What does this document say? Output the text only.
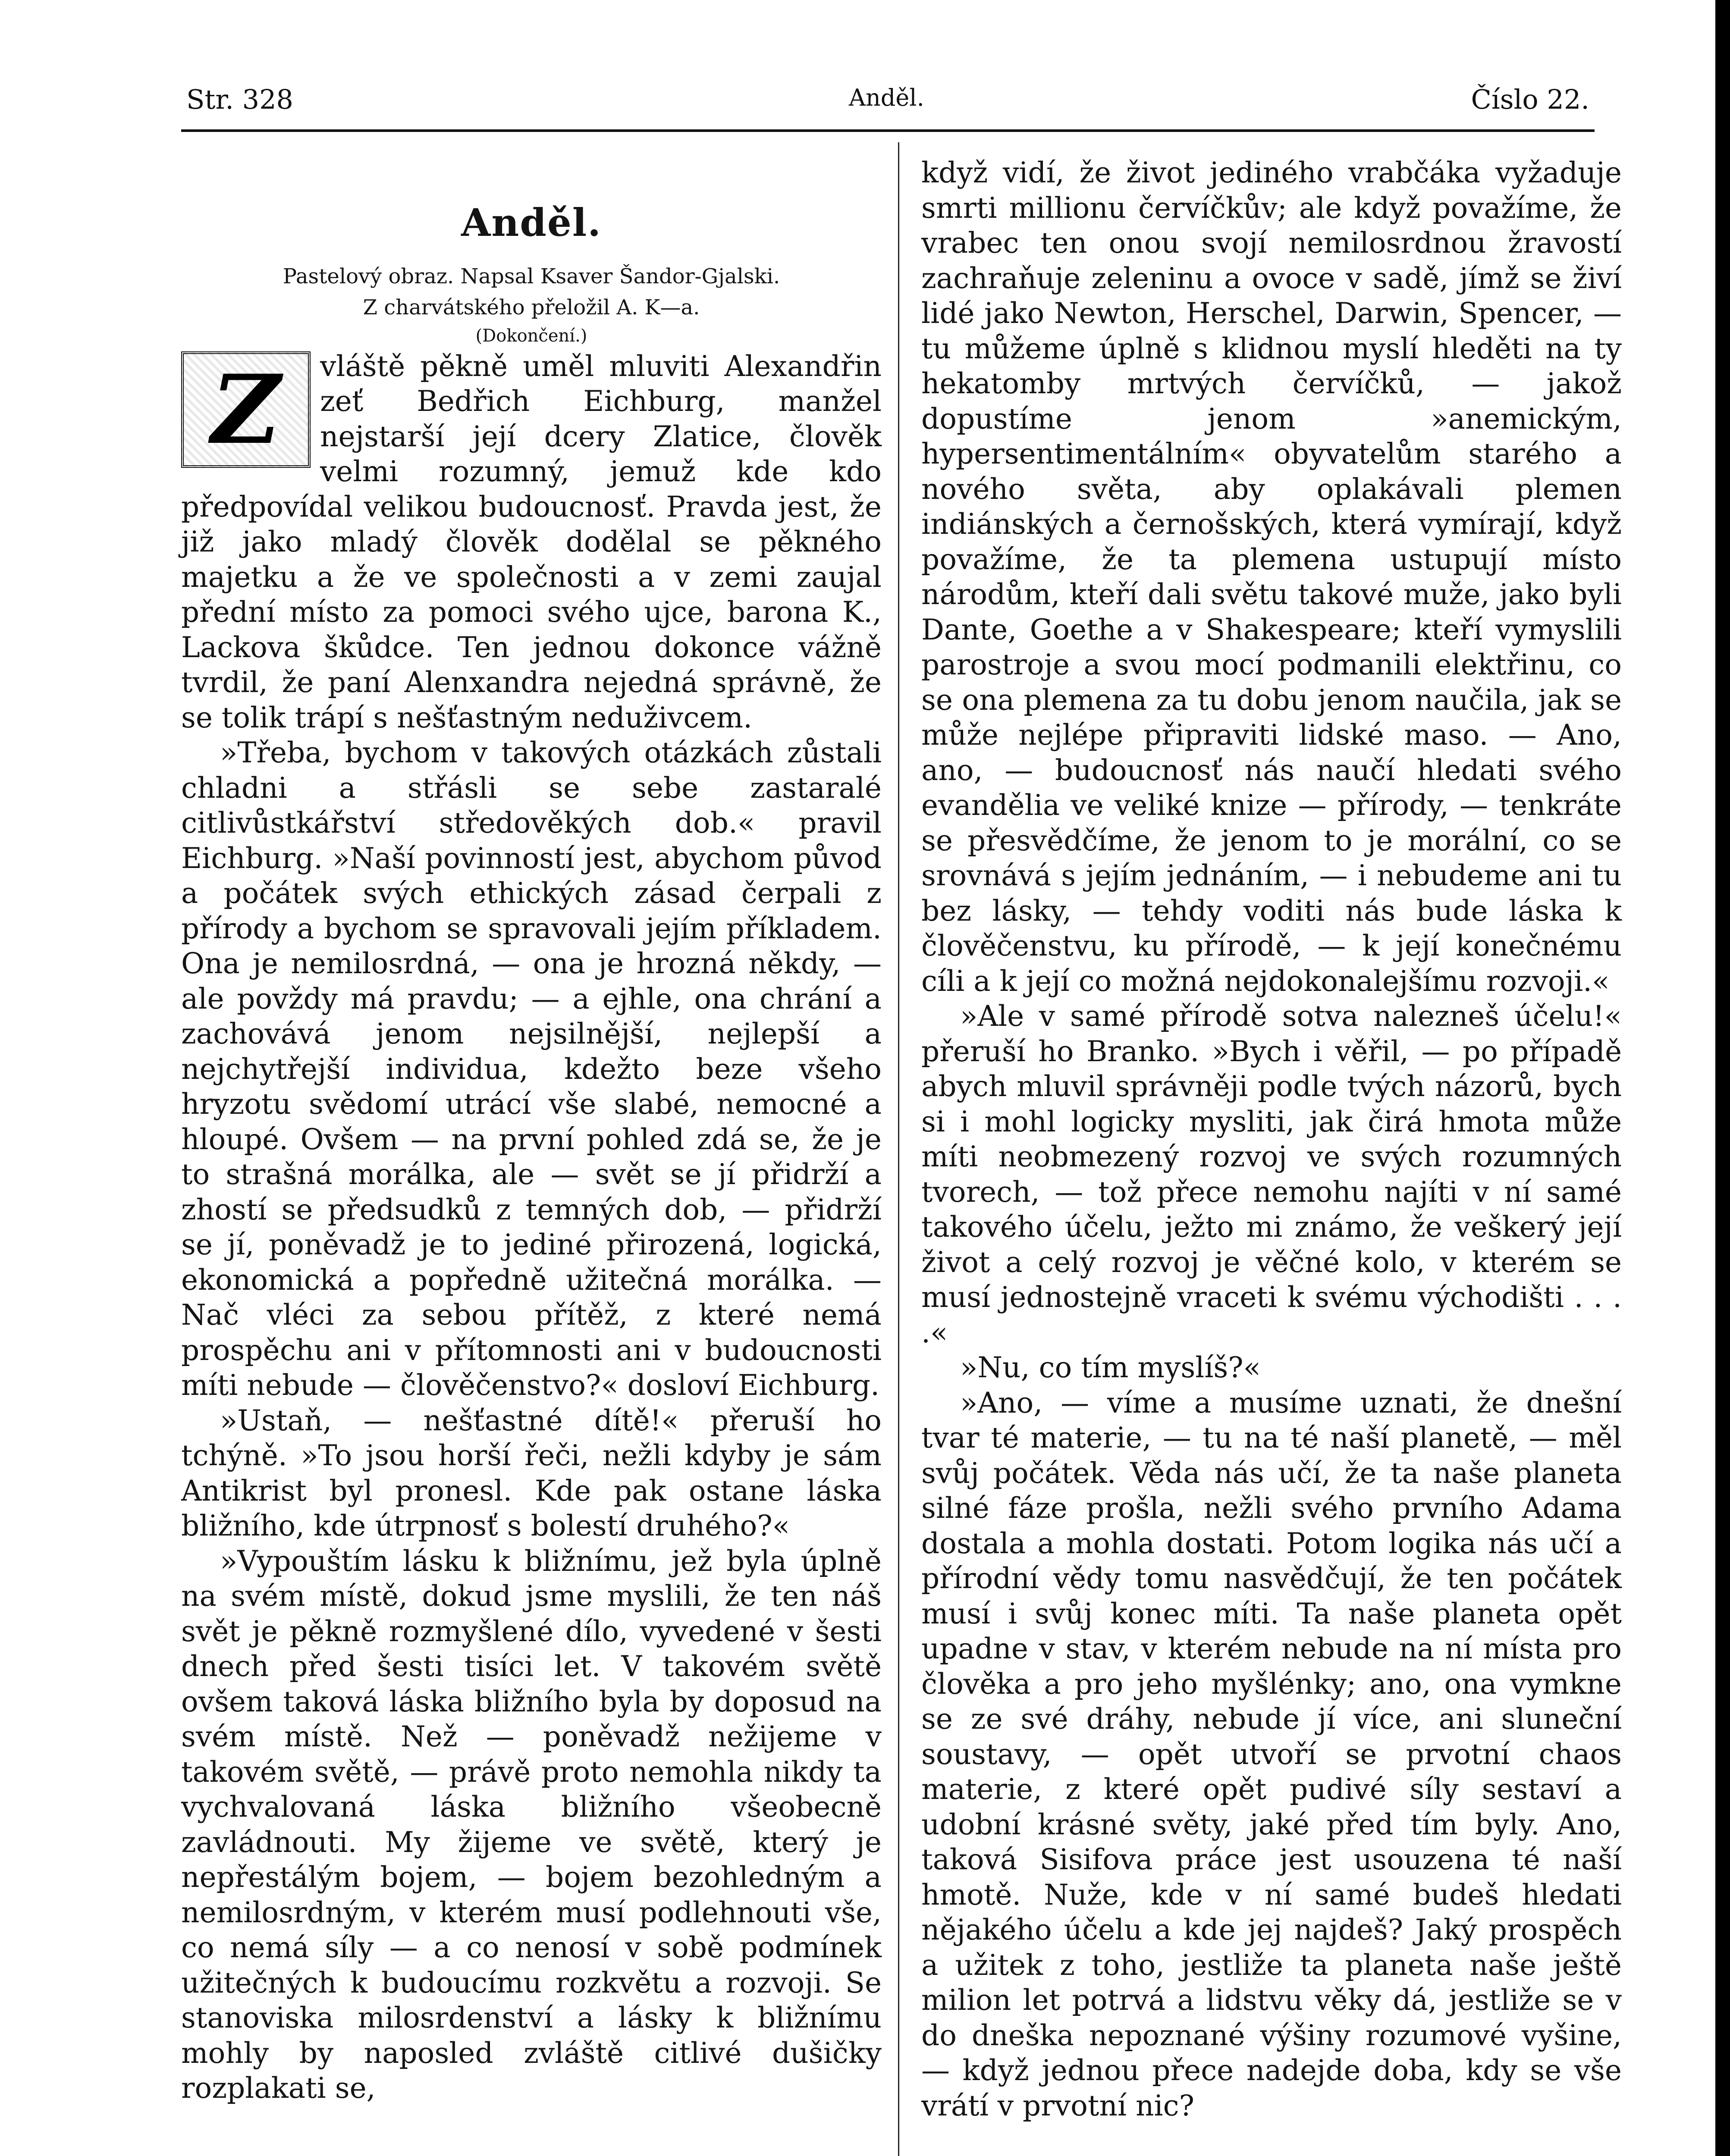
Str. 328	Anděl.	Číslo 22.
Anděl.

Pastelový obraz. Napsal Ksaver Šandor-Gjalski.

Z charvátského přeložil A. K—a.

(Dokončení.)

Z	vláště pěkně uměl mluviti Alexandřin zeť Bedřich Eichburg, manžel nejstarší její dcery Zlatice, člověk velmi rozumný, jemuž kde kdo předpovídal velikou budoucnosť. Pravda jest, že již jako mladý člověk dodělal se pěkného majetku a že ve společnosti a v zemi zaujal přední místo za pomoci svého ujce, barona K., Lackova škůdce. Ten jednou dokonce vážně tvrdil, že paní Alenxandra nejedná správně, že se tolik trápí s nešťastným neduživcem.

»Třeba, bychom v takových otázkách zůstali chladni a střásli se sebe zastaralé citlivůstkářství středověkých dob.« pravil Eichburg. »Naší povinností jest, abychom původ a počátek svých ethických zásad čerpali z přírody a bychom se spravovali jejím příkladem. Ona je nemilosrdná, — ona je hrozná někdy, — ale povždy má pravdu; — a ejhle, ona chrání a zachovává jenom nejsilnější, nejlepší a nejchytřejší individua, kdežto beze všeho hryzotu svědomí utrácí vše slabé, nemocné a hloupé. Ovšem — na první pohled zdá se, že je to strašná morálka, ale — svět se jí přidrží a zhostí se předsudků z temných dob, — přidrží se jí, poněvadž je to jediné přirozená, logická, ekonomická a popředně užitečná morálka. — Nač vléci za sebou přítěž, z které nemá prospěchu ani v přítomnosti ani v budoucnosti míti nebude — člověčenstvo?« dosloví Eichburg.

»Ustaň, — nešťastné dítě!« přeruší ho tchýně. »To jsou horší řeči, nežli kdyby je sám Antikrist byl pronesl. Kde pak ostane láska bližního, kde útrpnosť s bolestí druhého?«

»Vypouštím lásku k bližnímu, jež byla úplně na svém místě, dokud jsme myslili, že ten náš svět je pěkně rozmyšlené dílo, vyvedené v šesti dnech před šesti tisíci let. V takovém světě ovšem taková láska bližního byla by doposud na svém místě. Než — poněvadž nežijeme v takovém světě, — právě proto nemohla nikdy ta vychvalovaná láska bližního všeobecně zavládnouti. My žijeme ve světě, který je nepřestálým bojem, — bojem bezohledným a nemilosrdným, v kterém musí podlehnouti vše, co nemá síly — a co nenosí v sobě podmínek užitečných k budoucímu rozkvětu a rozvoji. Se stanoviska milosrdenství a lásky k bližnímu mohly by naposled zvláště citlivé dušičky rozplakati se,

když vidí, že život jediného vrabčáka vyžaduje smrti millionu červíčkův; ale když považíme, že vrabec ten onou svojí nemilosrdnou žravostí zachraňuje zeleninu a ovoce v sadě, jímž se živí lidé jako Newton, Herschel, Darwin, Spencer, — tu můžeme úplně s klidnou myslí hleděti na ty hekatomby mrtvých červíčků, — jakož dopustíme jenom »anemickým, hypersentimentálním« obyvatelům starého a nového světa, aby oplakávali plemen indiánských a černošských, která vymírají, když považíme, že ta plemena ustupují místo národům, kteří dali světu takové muže, jako byli Dante, Goethe a v Shakespeare; kteří vymyslili parostroje a svou mocí podmanili elektřinu, co se ona plemena za tu dobu jenom naučila, jak se může nejlépe připraviti lidské maso. — Ano, ano, — budoucnosť nás naučí hledati svého evandělia ve veliké knize — přírody, — tenkráte se přesvědčíme, že jenom to je morální, co se srovnává s jejím jednáním, — i nebudeme ani tu bez lásky, — tehdy voditi nás bude láska k člověčenstvu, ku přírodě, — k její konečnému cíli a k její co možná nejdokonalejšímu rozvoji.«

»Ale v samé přírodě sotva nalezneš účelu!« přeruší ho Branko. »Bych i věřil, — po případě abych mluvil správněji podle tvých názorů, bych si i mohl logicky mysliti, jak čirá hmota může míti neobmezený rozvoj ve svých rozumných tvorech, — tož přece nemohu najíti v ní samé takového účelu, ježto mi známo, že veškerý její život a celý rozvoj je věčné kolo, v kterém se musí jednostejně vraceti k svému východišti . . . .«

»Nu, co tím myslíš?«

»Ano, — víme a musíme uznati, že dnešní tvar té materie, — tu na té naší planetě, — měl svůj počátek. Věda nás učí, že ta naše planeta silné fáze prošla, nežli svého prvního Adama dostala a mohla dostati. Potom logika nás učí a přírodní vědy tomu nasvědčují, že ten počátek musí i svůj konec míti. Ta naše planeta opět upadne v stav, v kterém nebude na ní místa pro člověka a pro jeho myšlénky; ano, ona vymkne se ze své dráhy, nebude jí více, ani sluneční soustavy, — opět utvoří se prvotní chaos materie, z které opět pudivé síly sestaví a udobní krásné světy, jaké před tím byly. Ano, taková Sisifova práce jest usouzena té naší hmotě. Nuže, kde v ní samé budeš hledati nějakého účelu a kde jej najdeš? Jaký prospěch a užitek z toho, jestliže ta planeta naše ještě milion let potrvá a lidstvu věky dá, jestliže se v do dneška nepoznané výšiny rozumové vyšine, — když jednou přece nadejde doba, kdy se vše vrátí v prvotní nic?
